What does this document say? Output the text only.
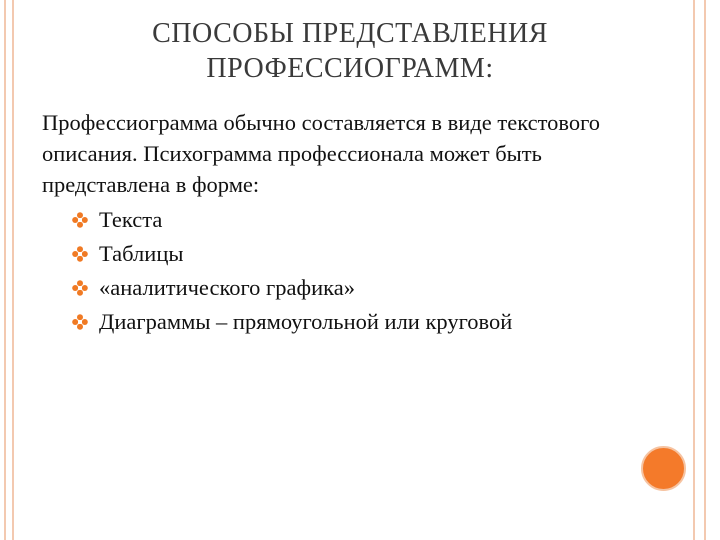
СПОСОБЫ ПРЕДСТАВЛЕНИЯ
ПРОФЕССИОГРАММ:
Профессиограмма обычно составляется в виде текстового описания. Психограмма профессионала может быть представлена в форме:
Текста
Таблицы
«аналитического графика»
Диаграммы – прямоугольной или круговой
